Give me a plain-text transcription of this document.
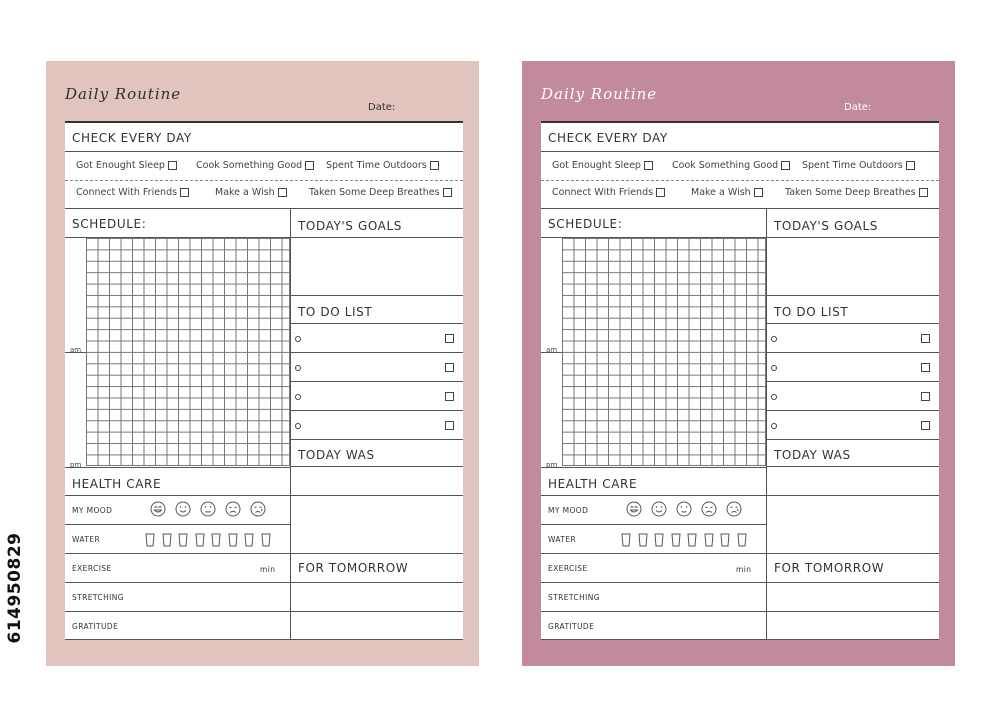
614950829
Daily Routine
Date:
CHECK EVERY DAY
Got Enought Sleep	Cook Something Good	Spent Time Outdoors
Connect With Friends	Make a Wish	Taken Some Deep Breathes
SCHEDULE:	TODAY'S GOALS
am
pm
TO DO LIST
TODAY WAS
HEALTH CARE
MY MOOD
WATER
EXERCISE	min FOR TOMORROW
STRETCHING
GRATITUDE
Daily Routine
Date:
CHECK EVERY DAY
Got Enought Sleep	Cook Something Good	Spent Time Outdoors
Connect With Friends	Make a Wish	Taken Some Deep Breathes
SCHEDULE:	TODAY'S GOALS
am
pm
TO DO LIST
TODAY WAS
HEALTH CARE
MY MOOD
WATER
EXERCISE	min FOR TOMORROW
STRETCHING
GRATITUDE
